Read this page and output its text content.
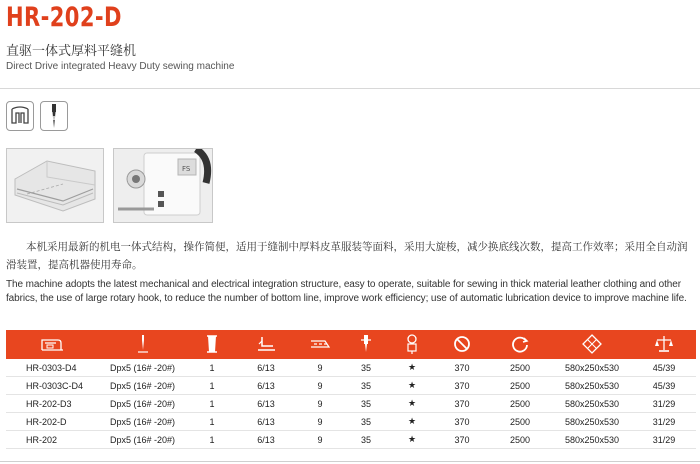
HR-202-D
直驱一体式厚料平缝机
Direct Drive integrated Heavy Duty sewing machine
FS

本机采用最新的机电一体式结构，操作简便，适用于缝制中厚料皮革服装等面料，采用大旋梭，减少换底线次数，提高工作效率；采用全自动润滑装置，提高机器使用寿命。

The machine adopts the latest mechanical and electrical integration structure, easy to operate, suitable for sewing in thick material leather clothing and other fabrics, the use of large rotary hook, to reduce the number of bottom line, improve work efficiency; use of automatic lubrication device to improve machine life.

HR-0303-D4	Dpx5 (16# -20#)	1	6/13	9	35	★	370	2500	580x250x530	45/39
HR-0303C-D4	Dpx5 (16# -20#)	1	6/13	9	35	★	370	2500	580x250x530	45/39
HR-202-D3	Dpx5 (16# -20#)	1	6/13	9	35	★	370	2500	580x250x530	31/29
HR-202-D	Dpx5 (16# -20#)	1	6/13	9	35	★	370	2500	580x250x530	31/29
HR-202	Dpx5 (16# -20#)	1	6/13	9	35	★	370	2500	580x250x530	31/29
